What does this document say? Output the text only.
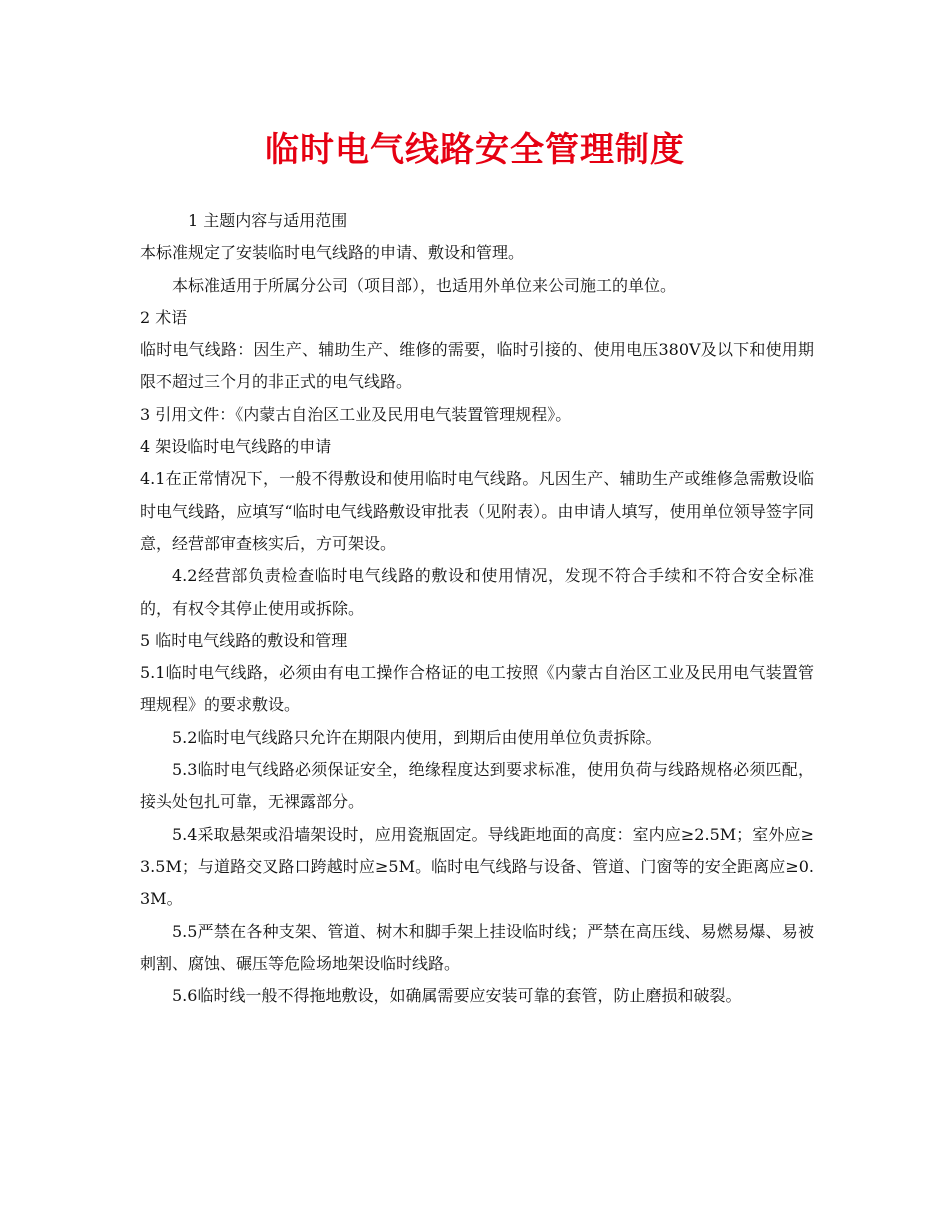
临时电气线路安全管理制度

1 主题内容与适用范围

本标准规定了安装临时电气线路的申请、敷设和管理。

本标准适用于所属分公司（项目部），也适用外单位来公司施工的单位。

2 术语

临时电气线路：因生产、辅助生产、维修的需要，临时引接的、使用电压380V及以下和使用期限不超过三个月的非正式的电气线路。

3 引用文件：《内蒙古自治区工业及民用电气装置管理规程》。

4 架设临时电气线路的申请

4.1在正常情况下，一般不得敷设和使用临时电气线路。凡因生产、辅助生产或维修急需敷设临时电气线路，应填写“临时电气线路敷设审批表（见附表）。由申请人填写，使用单位领导签字同意，经营部审查核实后，方可架设。

4.2经营部负责检查临时电气线路的敷设和使用情况，发现不符合手续和不符合安全标准的，有权令其停止使用或拆除。

5 临时电气线路的敷设和管理

5.1临时电气线路，必须由有电工操作合格证的电工按照《内蒙古自治区工业及民用电气装置管理规程》的要求敷设。

5.2临时电气线路只允许在期限内使用，到期后由使用单位负责拆除。

5.3临时电气线路必须保证安全，绝缘程度达到要求标准，使用负荷与线路规格必须匹配，接头处包扎可靠，无裸露部分。

5.4采取悬架或沿墙架设时，应用瓷瓶固定。导线距地面的高度：室内应≥2.5M；室外应≥3.5M；与道路交叉路口跨越时应≥5M。临时电气线路与设备、管道、门窗等的安全距离应≥0.3M。

5.5严禁在各种支架、管道、树木和脚手架上挂设临时线；严禁在高压线、易燃易爆、易被刺割、腐蚀、碾压等危险场地架设临时线路。

5.6临时线一般不得拖地敷设，如确属需要应安装可靠的套管，防止磨损和破裂。
